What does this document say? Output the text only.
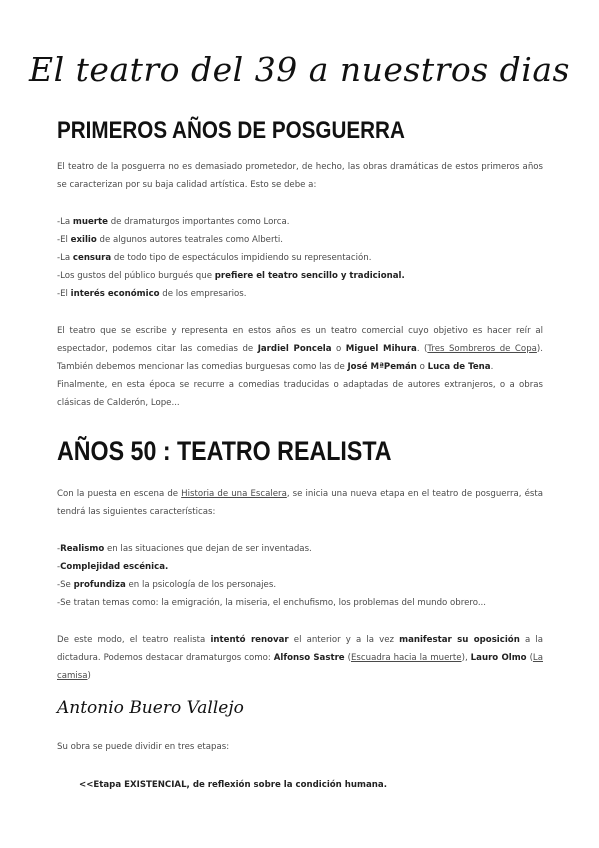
El teatro del 39 a nuestros dias
PRIMEROS AÑOS DE POSGUERRA
El teatro de la posguerra no es demasiado prometedor, de hecho, las obras dramáticas de estos primeros años se caracterizan por su baja calidad artística. Esto se debe a:
-La muerte de dramaturgos importantes como Lorca.
-El exilio de algunos autores teatrales como Alberti.
-La censura de todo tipo de espectáculos impidiendo su representación.
-Los gustos del público burgués que prefiere el teatro sencillo y tradicional.
-El interés económico de los empresarios.
El teatro que se escribe y representa en estos años es un teatro comercial cuyo objetivo es hacer reír al espectador, podemos citar las comedias de Jardiel Poncela o Miguel Mihura. (Tres Sombreros de Copa). También debemos mencionar las comedias burguesas como las de José MªPemán o Luca de Tena.
Finalmente, en esta época se recurre a comedias traducidas o adaptadas de autores extranjeros, o a obras clásicas de Calderón, Lope...
AÑOS 50 : TEATRO REALISTA
Con la puesta en escena de Historia de una Escalera, se inicia una nueva etapa en el teatro de posguerra, ésta tendrá las siguientes características:
-Realismo en las situaciones que dejan de ser inventadas.
-Complejidad escénica.
-Se profundiza en la psicología de los personajes.
-Se tratan temas como: la emigración, la miseria, el enchufismo, los problemas del mundo obrero...
De este modo, el teatro realista intentó renovar el anterior y a la vez manifestar su oposición a la dictadura. Podemos destacar dramaturgos como: Alfonso Sastre (Escuadra hacia la muerte), Lauro Olmo (La camisa)
Antonio Buero Vallejo
Su obra se puede dividir en tres etapas:
<<Etapa EXISTENCIAL, de reflexión sobre la condición humana.
